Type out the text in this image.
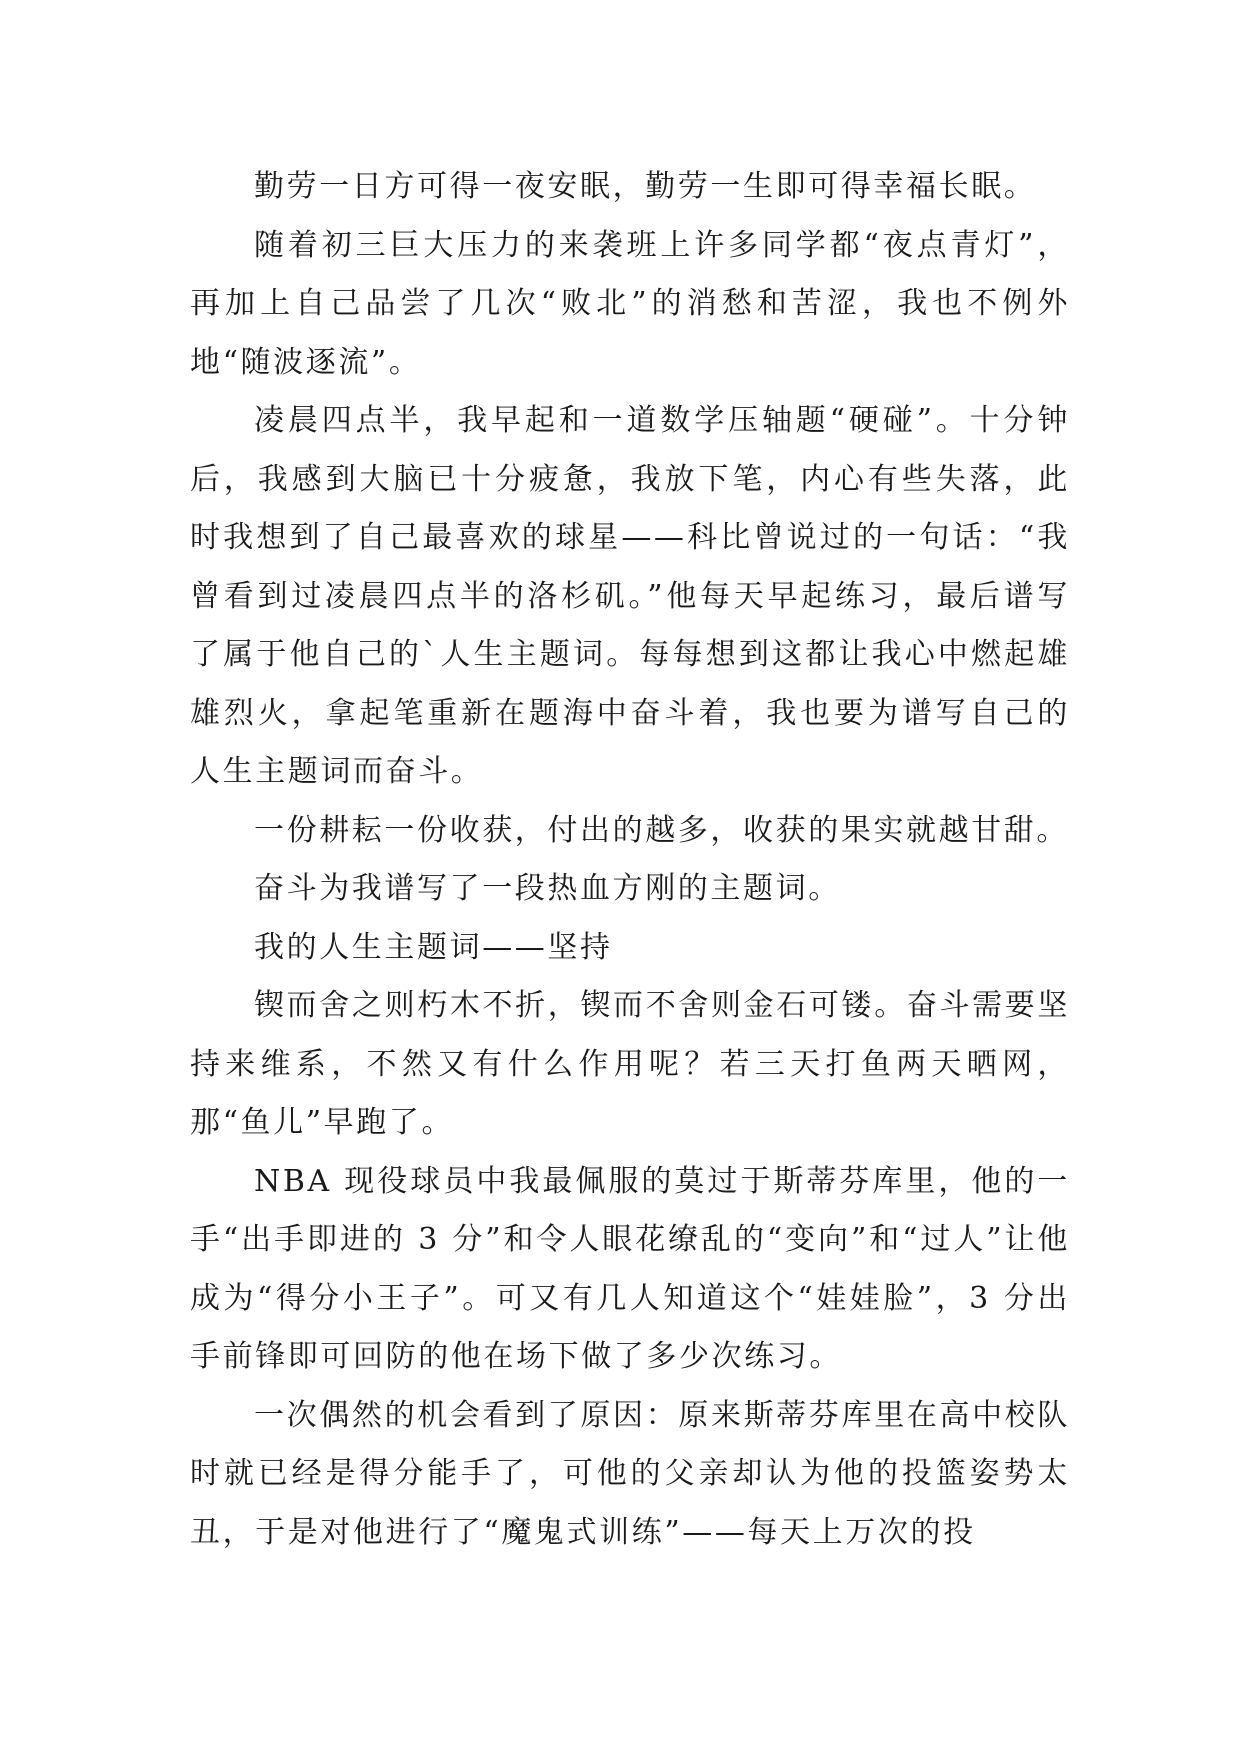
勤劳一日方可得一夜安眠，勤劳一生即可得幸福长眠。

随着初三巨大压力的来袭班上许多同学都“夜点青灯”，再加上自己品尝了几次“败北”的消愁和苦涩，我也不例外地“随波逐流”。

凌晨四点半，我早起和一道数学压轴题“硬碰”。十分钟后，我感到大脑已十分疲惫，我放下笔，内心有些失落，此时我想到了自己最喜欢的球星——科比曾说过的一句话：“我曾看到过凌晨四点半的洛杉矶。”他每天早起练习，最后谱写了属于他自己的`人生主题词。每每想到这都让我心中燃起雄雄烈火，拿起笔重新在题海中奋斗着，我也要为谱写自己的人生主题词而奋斗。

一份耕耘一份收获，付出的越多，收获的果实就越甘甜。

奋斗为我谱写了一段热血方刚的主题词。

我的人生主题词——坚持

锲而舍之则朽木不折，锲而不舍则金石可镂。奋斗需要坚持来维系，不然又有什么作用呢？若三天打鱼两天晒网，那“鱼儿”早跑了。

NBA 现役球员中我最佩服的莫过于斯蒂芬库里，他的一手“出手即进的 3 分”和令人眼花缭乱的“变向”和“过人”让他成为“得分小王子”。可又有几人知道这个“娃娃脸”，3 分出手前锋即可回防的他在场下做了多少次练习。

一次偶然的机会看到了原因：原来斯蒂芬库里在高中校队时就已经是得分能手了，可他的父亲却认为他的投篮姿势太丑，于是对他进行了“魔鬼式训练”——每天上万次的投
